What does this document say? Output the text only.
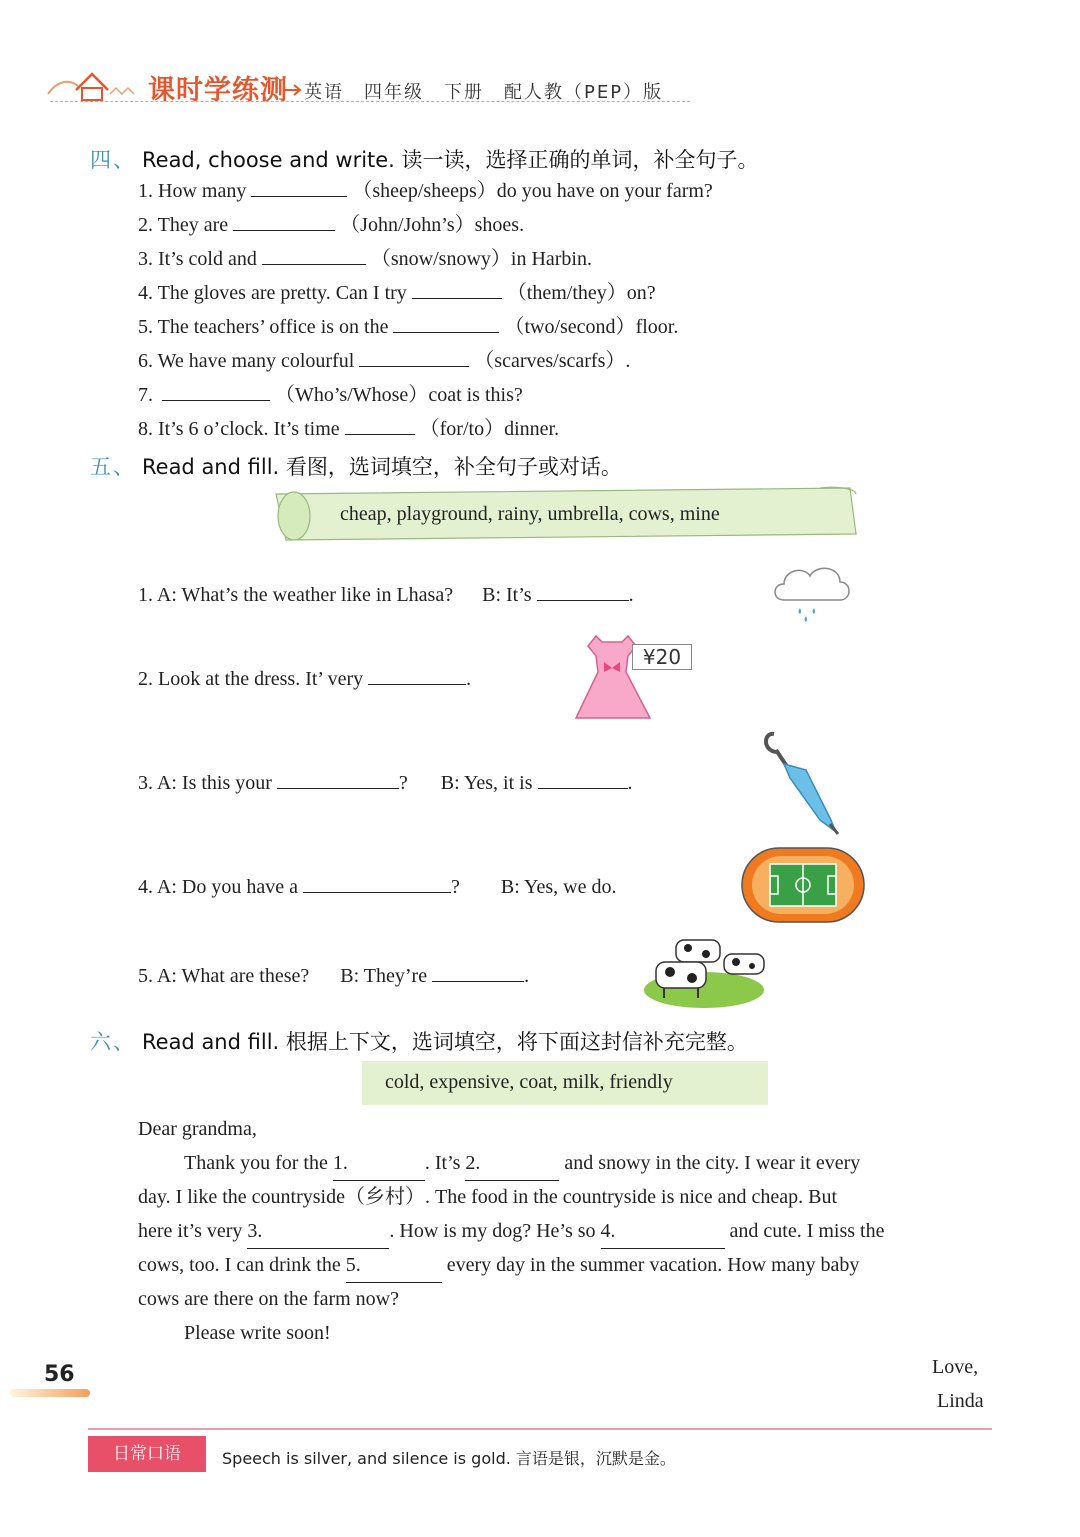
课时学练测 英语　四年级　下册　配人教（PEP）版
四、 Read, choose and write. 读一读，选择正确的单词，补全句子。
1. How many	（sheep/sheeps）do you have on your farm?
2. They are	（John/John’s）shoes.
3. It’s cold and	（snow/snowy）in Harbin.
4. The gloves are pretty. Can I try	（them/they）on?
5. The teachers’ office is on the	（two/second）floor.
6. We have many colourful	（scarves/scarfs）.
7.	（Who’s/Whose）coat is this?
8. It’s 6 o’clock. It’s time	（for/to）dinner.
五、 Read and fill. 看图，选词填空，补全句子或对话。
cheap, playground, rainy, umbrella, cows, mine
1. A: What’s the weather like in Lhasa? B: It’s	.
2. Look at the dress. It’ very	.
¥20
3. A: Is this your	? B: Yes, it is	.
4. A: Do you have a	? B: Yes, we do.
5. A: What are these? B: They’re	.
六、 Read and fill. 根据上下文，选词填空，将下面这封信补充完整。
cold, expensive, coat, milk, friendly
Dear grandma,
Thank you for the 1.	. It’s 2.	and snowy in the city. I wear it every
day. I like the countryside（乡村）. The food in the countryside is nice and cheap. But
here it’s very 3.	. How is my dog? He’s so 4.	and cute. I miss the
cows, too. I can drink the 5.	every day in the summer vacation. How many baby
cows are there on the farm now?
Please write soon!
Love,
Linda
56
日常口语	Speech is silver, and silence is gold. 言语是银，沉默是金。
